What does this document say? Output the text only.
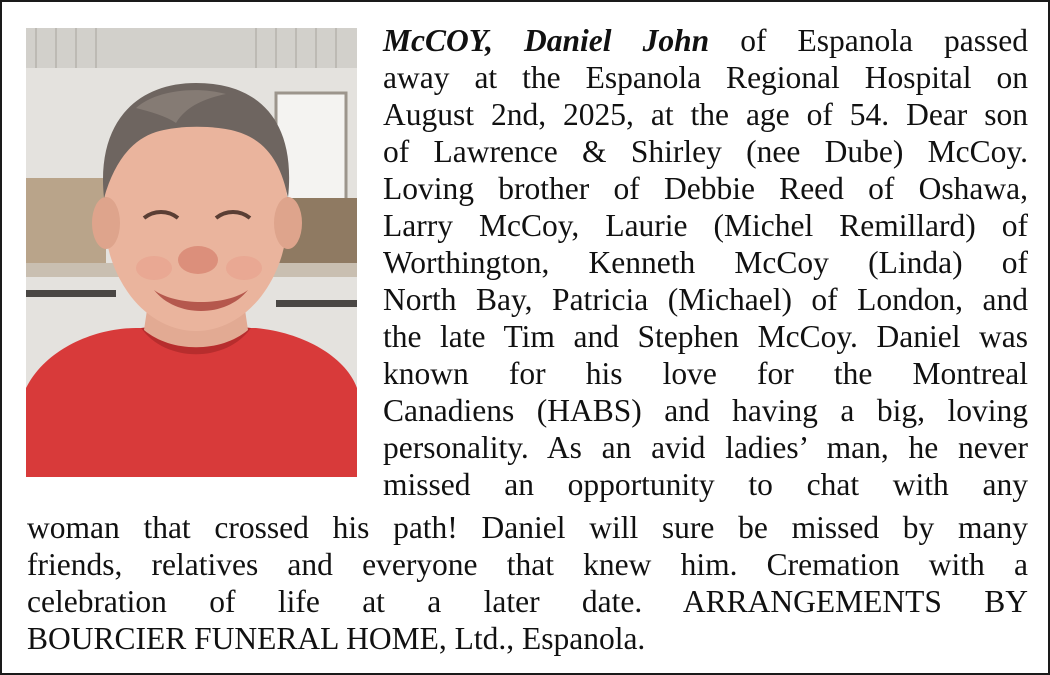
McCOY, Daniel John of Espanola passed
away at the Espanola Regional Hospital on
August 2nd, 2025, at the age of 54. Dear son
of Lawrence & Shirley (nee Dube) McCoy.
Loving brother of Debbie Reed of Oshawa,
Larry McCoy, Laurie (Michel Remillard) of
Worthington, Kenneth McCoy (Linda) of
North Bay, Patricia (Michael) of London, and
the late Tim and Stephen McCoy. Daniel was
known for his love for the Montreal
Canadiens (HABS) and having a big, loving
personality. As an avid ladies’ man, he never
missed an opportunity to chat with any
woman that crossed his path! Daniel will sure be missed by many
friends, relatives and everyone that knew him. Cremation with a
celebration of life at a later date. ARRANGEMENTS BY
BOURCIER FUNERAL HOME, Ltd., Espanola.
